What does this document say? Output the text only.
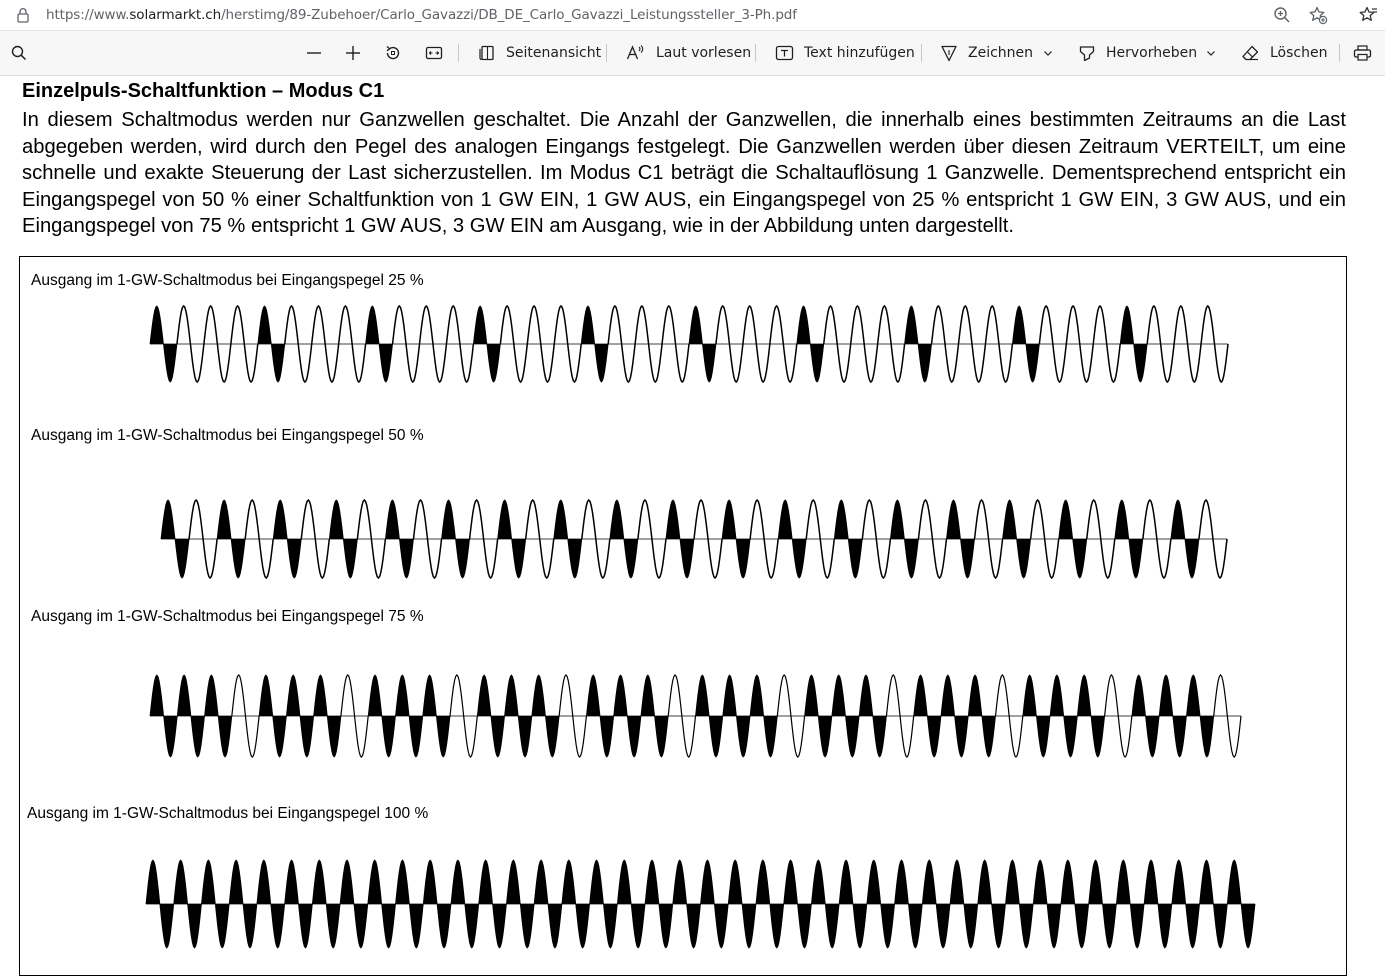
https://www.solarmarkt.ch/herstimg/89-Zubehoer/Carlo_Gavazzi/DB_DE_Carlo_Gavazzi_Leistungssteller_3-Ph.pdf
Seitenansicht	Laut vorlesen	Text hinzufügen	Zeichnen	Hervorheben	Löschen
Einzelpuls-Schaltfunktion – Modus C1
In diesem Schaltmodus werden nur Ganzwellen geschaltet. Die Anzahl der Ganzwellen, die innerhalb eines bestimmten Zeitraums an die Last abgegeben werden, wird durch den Pegel des analogen Eingangs festgelegt. Die Ganzwellen werden über diesen Zeitraum VERTEILT, um eine schnelle und exakte Steuerung der Last sicherzustellen. Im Modus C1 beträgt die Schaltauflösung 1 Ganzwelle. Dementsprechend entspricht ein Eingangspegel von 50 % einer Schaltfunktion von 1 GW EIN, 1 GW AUS, ein Eingangspegel von 25 % entspricht 1 GW EIN, 3 GW AUS, und ein Eingangspegel von 75 % entspricht 1 GW AUS, 3 GW EIN am Ausgang, wie in der Abbildung unten dargestellt.
Ausgang im 1-GW-Schaltmodus bei Eingangspegel 25 %
Ausgang im 1-GW-Schaltmodus bei Eingangspegel 50 %
Ausgang im 1-GW-Schaltmodus bei Eingangspegel 75 %
Ausgang im 1-GW-Schaltmodus bei Eingangspegel 100 %
